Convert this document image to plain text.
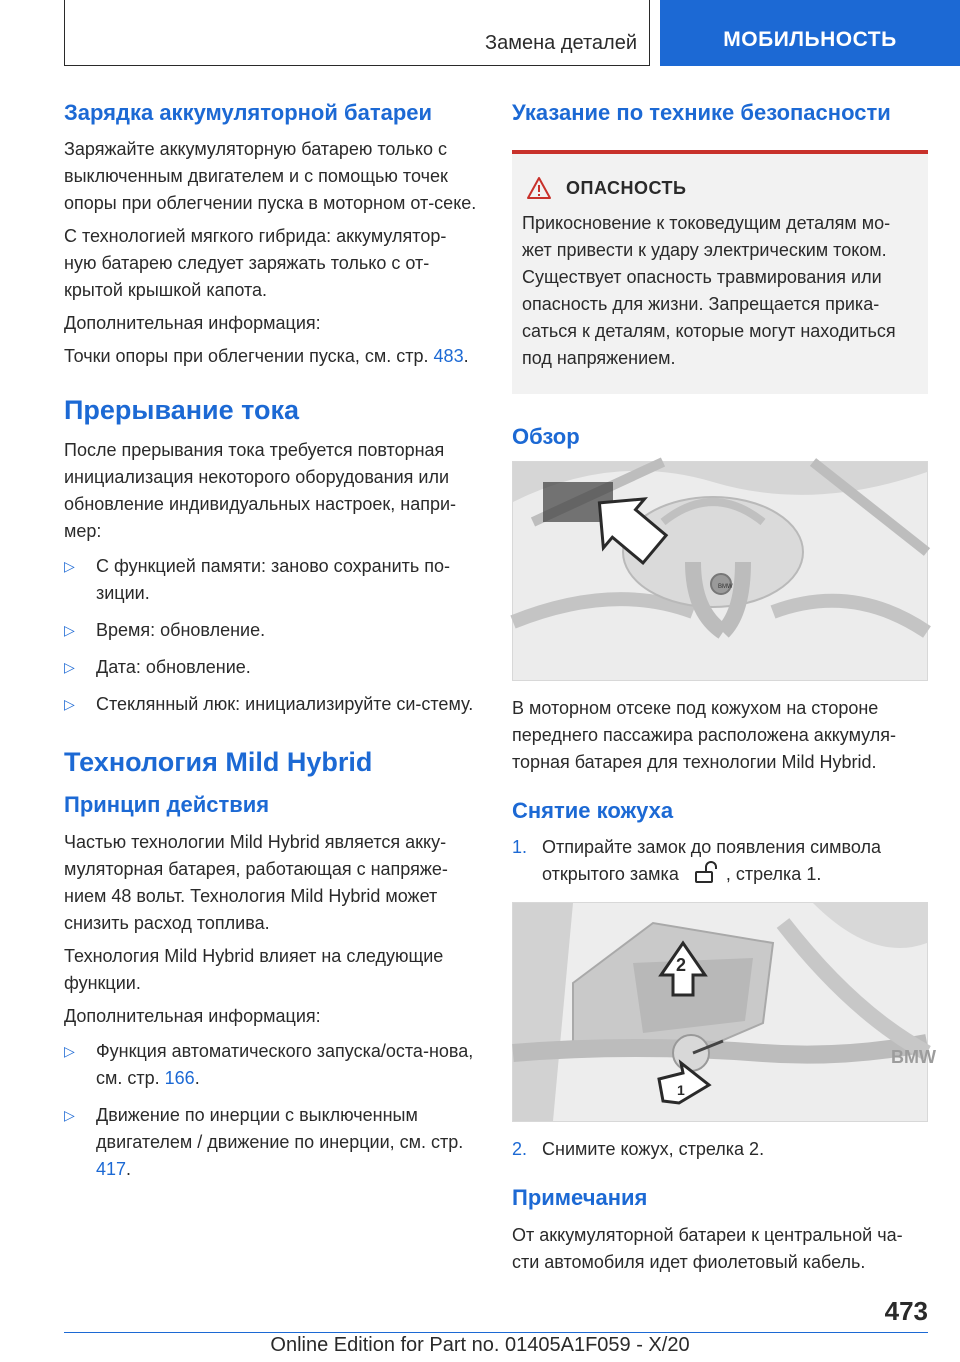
Замена деталей	МОБИЛЬНОСТЬ
Зарядка аккумуляторной батареи

Заряжайте аккумуляторную батарею только с выключенным двигателем и с помощью точек опоры при облегчении пуска в моторном от-секе.

С технологией мягкого гибрида: аккумулятор-ную батарею следует заряжать только с от-крытой крышкой капота.

Дополнительная информация:

Точки опоры при облегчении пуска, см. стр. 483.

Прерывание тока

После прерывания тока требуется повторная инициализация некоторого оборудования или обновление индивидуальных настроек, напри-мер:

▷ С функцией памяти: заново сохранить по-зиции.
▷ Время: обновление.
▷ Дата: обновление.
▷ Стеклянный люк: инициализируйте си-стему.
Технология Mild Hybrid
Принцип действия

Частью технологии Mild Hybrid является акку-муляторная батарея, работающая с напряже-нием 48 вольт. Технология Mild Hybrid может снизить расход топлива.

Технология Mild Hybrid влияет на следующие функции.

Дополнительная информация:

▷ Функция автоматического запуска/оста-нова, см. стр. 166.
▷ Движение по инерции с выключенным двигателем / движение по инерции, см. стр. 417.
Указание по технике безопасности
ОПАСНОСТЬ

Прикосновение к токоведущим деталям мо-жет привести к удару электрическим током. Существует опасность травмирования или опасность для жизни. Запрещается прика-саться к деталям, которые могут находиться под напряжением.

Обзор
BMW

В моторном отсеке под кожухом на стороне переднего пассажира расположена аккумуля-торная батарея для технологии Mild Hybrid.

Снятие кожуха
1. Отпирайте замок до появления символа открытого замка	, стрелка 1.
2
1
BMW
2. Снимите кожух, стрелка 2.
Примечания

От аккумуляторной батареи к центральной ча-сти автомобиля идет фиолетовый кабель.

473
Online Edition for Part no. 01405A1F059 - X/20
